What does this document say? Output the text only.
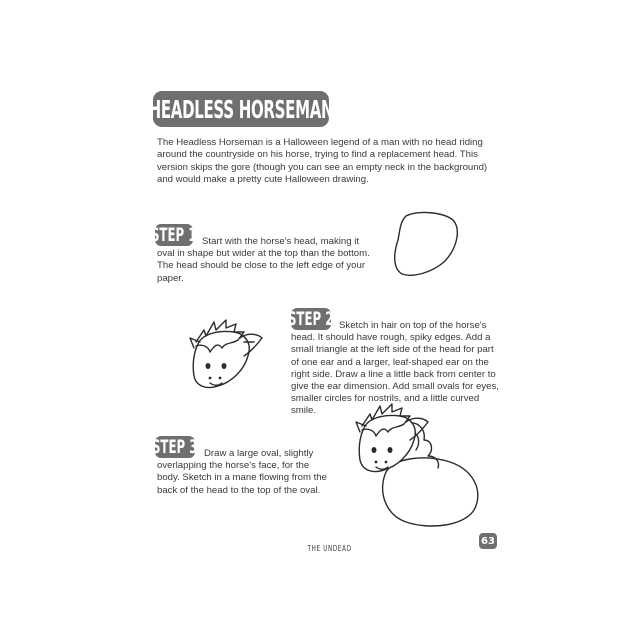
HEADLESS HORSEMAN

The Headless Horseman is a Halloween legend of a man with no head riding around the countryside on his horse, trying to find a replacement head. This version skips the gore (though you can see an empty neck in the background) and would make a pretty cute Halloween drawing.

STEP 1 Start with the horse's head, making it oval in shape but wider at the top than the bottom. The head should be close to the left edge of your paper.

STEP 2 Sketch in hair on top of the horse's head. It should have rough, spiky edges. Add a small triangle at the left side of the head for part of one ear and a larger, leaf-shaped ear on the right side. Draw a line a little back from center to give the ear dimension. Add small ovals for eyes, smaller circles for nostrils, and a little curved smile.

STEP 3 Draw a large oval, slightly overlapping the horse's face, for the body. Sketch in a mane flowing from the back of the head to the top of the oval.

THE UNDEAD
63
